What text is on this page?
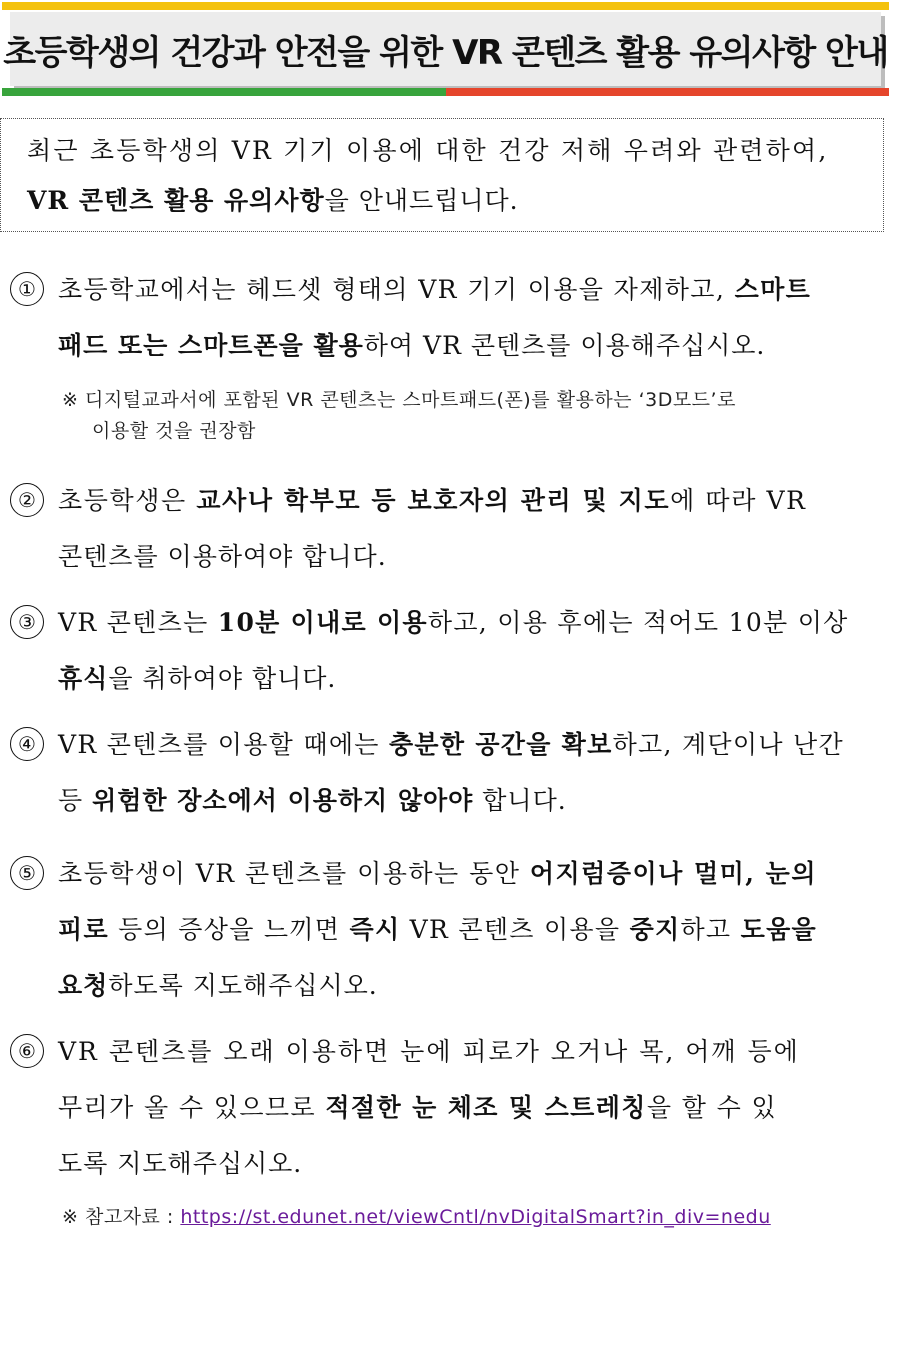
초등학생의 건강과 안전을 위한 VR 콘텐츠 활용 유의사항 안내
최근 초등학생의 VR 기기 이용에 대한 건강 저해 우려와 관련하여,
VR 콘텐츠 활용 유의사항을 안내드립니다.
① 초등학교에서는 헤드셋 형태의 VR 기기 이용을 자제하고, 스마트
패드 또는 스마트폰을 활용하여 VR 콘텐츠를 이용해주십시오.
※ 디지털교과서에 포함된 VR 콘텐츠는 스마트패드(폰)를 활용하는 ‘3D모드’로
이용할 것을 권장함
② 초등학생은 교사나 학부모 등 보호자의 관리 및 지도에 따라 VR
콘텐츠를 이용하여야 합니다.
③ VR 콘텐츠는 10분 이내로 이용하고, 이용 후에는 적어도 10분 이상
휴식을 취하여야 합니다.
④ VR 콘텐츠를 이용할 때에는 충분한 공간을 확보하고, 계단이나 난간
등 위험한 장소에서 이용하지 않아야 합니다.
⑤ 초등학생이 VR 콘텐츠를 이용하는 동안 어지럼증이나 멀미, 눈의
피로 등의 증상을 느끼면 즉시 VR 콘텐츠 이용을 중지하고 도움을
요청하도록 지도해주십시오.
⑥ VR 콘텐츠를 오래 이용하면 눈에 피로가 오거나 목, 어깨 등에
무리가 올 수 있으므로 적절한 눈 체조 및 스트레칭을 할 수 있
도록 지도해주십시오.
※ 참고자료 : https://st.edunet.net/viewCntl/nvDigitalSmart?in_div=nedu
